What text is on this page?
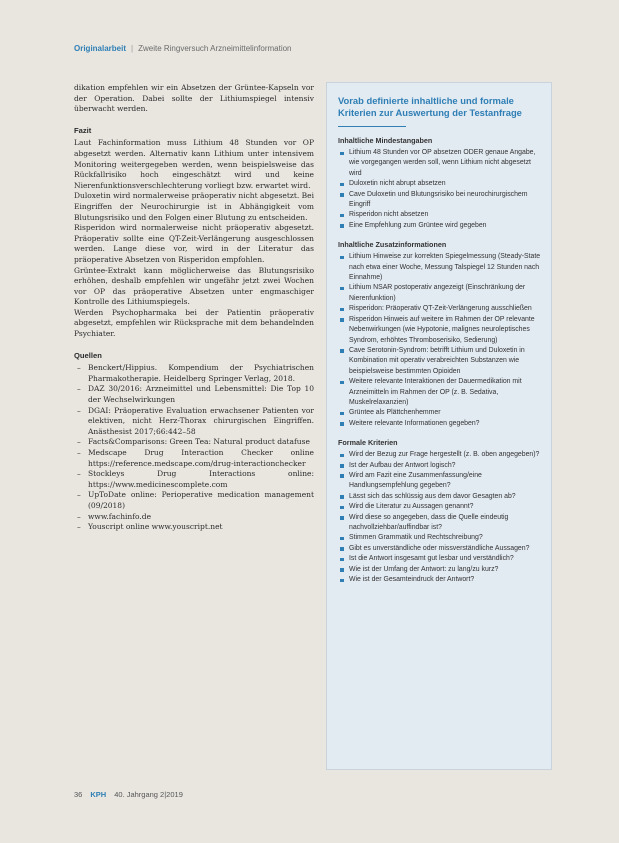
Originalarbeit | Zweite Ringversuch Arzneimittelinformation

dikation empfehlen wir ein Absetzen der Grüntee-Kapseln vor der Operation. Dabei sollte der Lithiumspiegel intensiv überwacht werden.

Fazit

Laut Fachinformation muss Lithium 48 Stunden vor OP abgesetzt werden. Alternativ kann Lithium unter intensivem Monitoring weitergegeben werden, wenn beispielsweise das Rückfallrisiko hoch eingeschätzt wird und keine Nierenfunktionsverschlechterung vorliegt bzw. erwartet wird.

Duloxetin wird normalerweise präoperativ nicht abgesetzt. Bei Eingriffen der Neurochirurgie ist in Abhängigkeit vom Blutungsrisiko und den Folgen einer Blutung zu entscheiden.

Risperidon wird normalerweise nicht präoperativ abgesetzt. Präoperativ sollte eine QT-Zeit-Verlängerung ausgeschlossen werden. Lange diese vor, wird in der Literatur das präoperative Absetzen von Risperidon empfohlen.

Grüntee-Extrakt kann möglicherweise das Blutungsrisiko erhöhen, deshalb empfehlen wir ungefähr jetzt zwei Wochen vor OP das präoperative Absetzen unter engmaschiger Kontrolle des Lithiumspiegels.

Werden Psychopharmaka bei der Patientin präoperativ abgesetzt, empfehlen wir Rücksprache mit dem behandelnden Psychiater.

Quellen
– Benckert/Hippius. Kompendium der Psychiatrischen Pharmakotherapie. Heidelberg Springer Verlag, 2018.
– DAZ 30/2016: Arzneimittel und Lebensmittel: Die Top 10 der Wechselwirkungen
– DGAI: Präoperative Evaluation erwachsener Patienten vor elektiven, nicht Herz-Thorax chirurgischen Eingriffen. Anästhesist 2017;66:442–58
– Facts&Comparisons: Green Tea: Natural product datafuse
– Medscape Drug Interaction Checker online https://reference.medscape.com/drug-interactionchecker
– Stockleys Drug Interactions online: https://www.medicinescomplete.com
– UpToDate online: Perioperative medication management (09/2018)
– www.fachinfo.de
– Youscript online www.youscript.net
Vorab definierte inhaltliche und formale Kriterien zur Auswertung der Testanfrage
Inhaltliche Mindestangaben
Lithium 48 Stunden vor OP absetzen ODER genaue Angabe, wie vorgegangen werden soll, wenn Lithium nicht abgesetzt wird
Duloxetin nicht abrupt absetzen
Cave Duloxetin und Blutungsrisiko bei neurochirurgischem Eingriff
Risperidon nicht absetzen
Eine Empfehlung zum Grüntee wird gegeben
Inhaltliche Zusatzinformationen
Lithium Hinweise zur korrekten Spiegelmessung (Steady-State nach etwa einer Woche, Messung Talspiegel 12 Stunden nach Einnahme)
Lithium NSAR postoperativ angezeigt (Einschränkung der Nierenfunktion)
Risperidon: Präoperativ QT-Zeit-Verlängerung ausschließen
Risperidon Hinweis auf weitere im Rahmen der OP relevante Nebenwirkungen (wie Hypotonie, malignes neuroleptisches Syndrom, erhöhtes Thromboserisiko, Sedierung)
Cave Serotonin-Syndrom: betrifft Lithium und Duloxetin in Kombination mit operativ verabreichten Substanzen wie beispielsweise bestimmten Opioiden
Weitere relevante Interaktionen der Dauermedikation mit Arzneimitteln im Rahmen der OP (z. B. Sedativa, Muskelrelaxanzien)
Grüntee als Plättchenhemmer
Weitere relevante Informationen gegeben?
Formale Kriterien
Wird der Bezug zur Frage hergestellt (z. B. oben angegeben)?
Ist der Aufbau der Antwort logisch?
Wird am Fazit eine Zusammenfassung/eine Handlungsempfehlung gegeben?
Lässt sich das schlüssig aus dem davor Gesagten ab?
Wird die Literatur zu Aussagen genannt?
Wird diese so angegeben, dass die Quelle eindeutig nachvollziehbar/auffindbar ist?
Stimmen Grammatik und Rechtschreibung?
Gibt es unverständliche oder missverständliche Aussagen?
Ist die Antwort insgesamt gut lesbar und verständlich?
Wie ist der Umfang der Antwort: zu lang/zu kurz?
Wie ist der Gesamteindruck der Antwort?
36 KPH 40. Jahrgang 2|2019
